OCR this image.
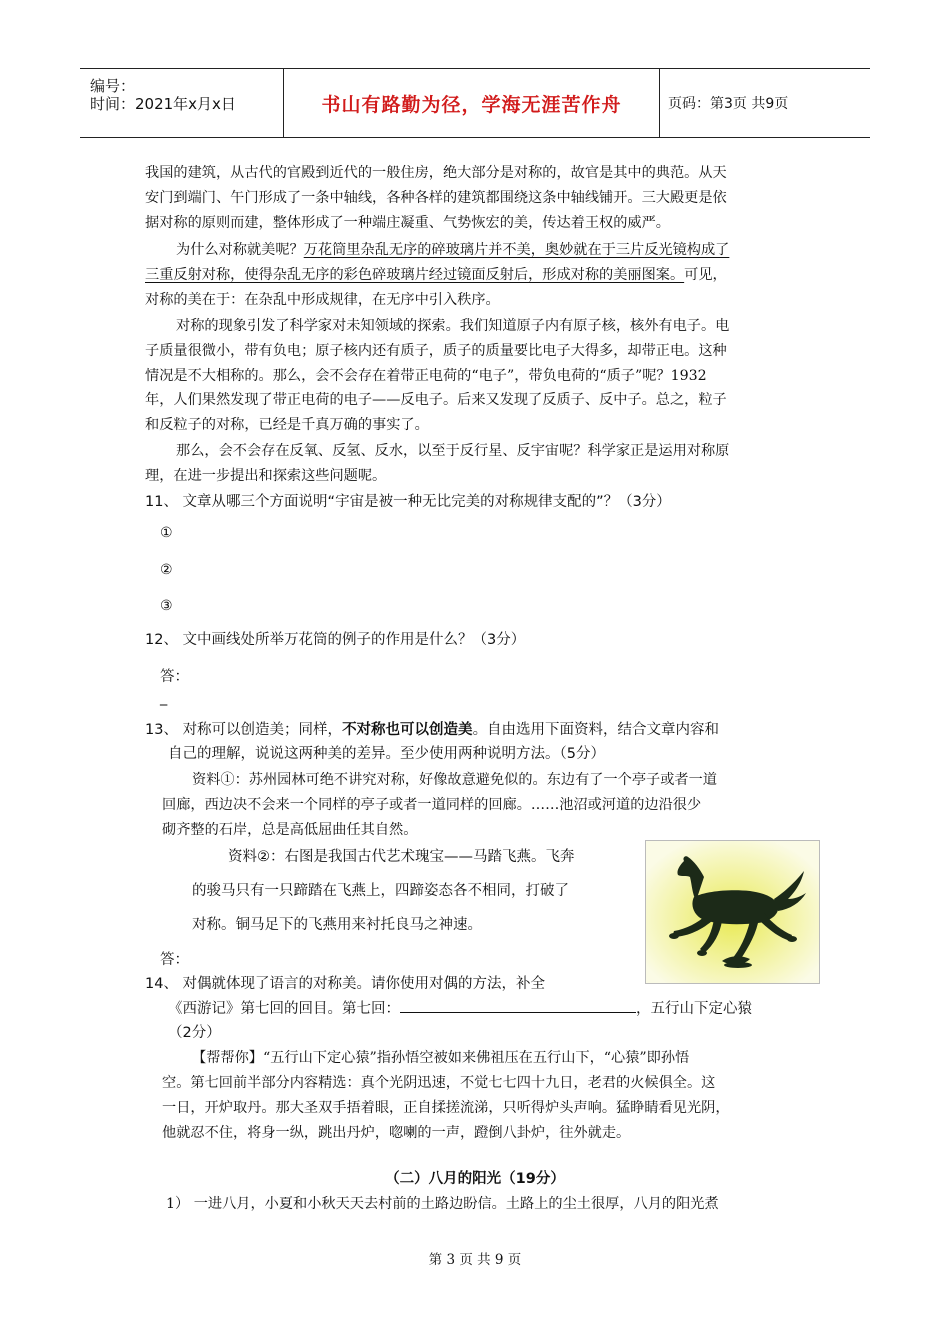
编号：
时间：2021年x月x日	书山有路勤为径，学海无涯苦作舟	页码：第3页 共9页
我国的建筑，从古代的官殿到近代的一般住房，绝大部分是对称的，故官是其中的典范。从天
安门到端门、午门形成了一条中轴线，各种各样的建筑都围绕这条中轴线铺开。三大殿更是依
据对称的原则而建，整体形成了一种端庄凝重、气势恢宏的美，传达着王权的威严。
为什么对称就美呢？万花筒里杂乱无序的碎玻璃片并不美，奥妙就在于三片反光镜构成了
三重反射对称，使得杂乱无序的彩色碎玻璃片经过镜面反射后，形成对称的美丽图案。可见，
对称的美在于：在杂乱中形成规律，在无序中引入秩序。
对称的现象引发了科学家对未知领域的探索。我们知道原子内有原子核，核外有电子。电
子质量很微小，带有负电；原子核内还有质子，质子的质量要比电子大得多，却带正电。这种
情况是不大相称的。那么，会不会存在着带正电荷的“电子”，带负电荷的“质子”呢？1932
年，人们果然发现了带正电荷的电子——反电子。后来又发现了反质子、反中子。总之，粒子
和反粒子的对称，已经是千真万确的事实了。
那么，会不会存在反氧、反氢、反水，以至于反行星、反宇宙呢？科学家正是运用对称原
理，在进一步提出和探索这些问题呢。
11、 文章从哪三个方面说明“宇宙是被一种无比完美的对称规律支配的”？（3分）
①
②
③
12、 文中画线处所举万花筒的例子的作用是什么？（3分）
答：
_
13、 对称可以创造美；同样，不对称也可以创造美。自由选用下面资料，结合文章内容和
自己的理解，说说这两种美的差异。至少使用两种说明方法。（5分）
资料①：苏州园林可绝不讲究对称，好像故意避免似的。东边有了一个亭子或者一道
回廊，西边决不会来一个同样的亭子或者一道同样的回廊。……池沼或河道的边沿很少
砌齐整的石岸，总是高低屈曲任其自然。
资料②：右图是我国古代艺术瑰宝——马踏飞燕。飞奔
的骏马只有一只蹄踏在飞燕上，四蹄姿态各不相同，打破了
对称。铜马足下的飞燕用来衬托良马之神速。
答：
14、 对偶就体现了语言的对称美。请你使用对偶的方法，补全
《西游记》第七回的回目。第七回：	，五行山下定心猿
（2分）
【帮帮你】“五行山下定心猿”指孙悟空被如来佛祖压在五行山下，“心猿”即孙悟
空。第七回前半部分内容精选：真个光阴迅速，不觉七七四十九日，老君的火候俱全。这
一日，开炉取丹。那大圣双手捂着眼，正自揉搓流涕，只听得炉头声响。猛睁睛看见光阴，
他就忍不住，将身一纵，跳出丹炉，唿喇的一声，蹬倒八卦炉，往外就走。
（二）八月的阳光（19分）
1） 一进八月，小夏和小秋天天去村前的土路边盼信。土路上的尘土很厚，八月的阳光煮
第 3 页 共 9 页
